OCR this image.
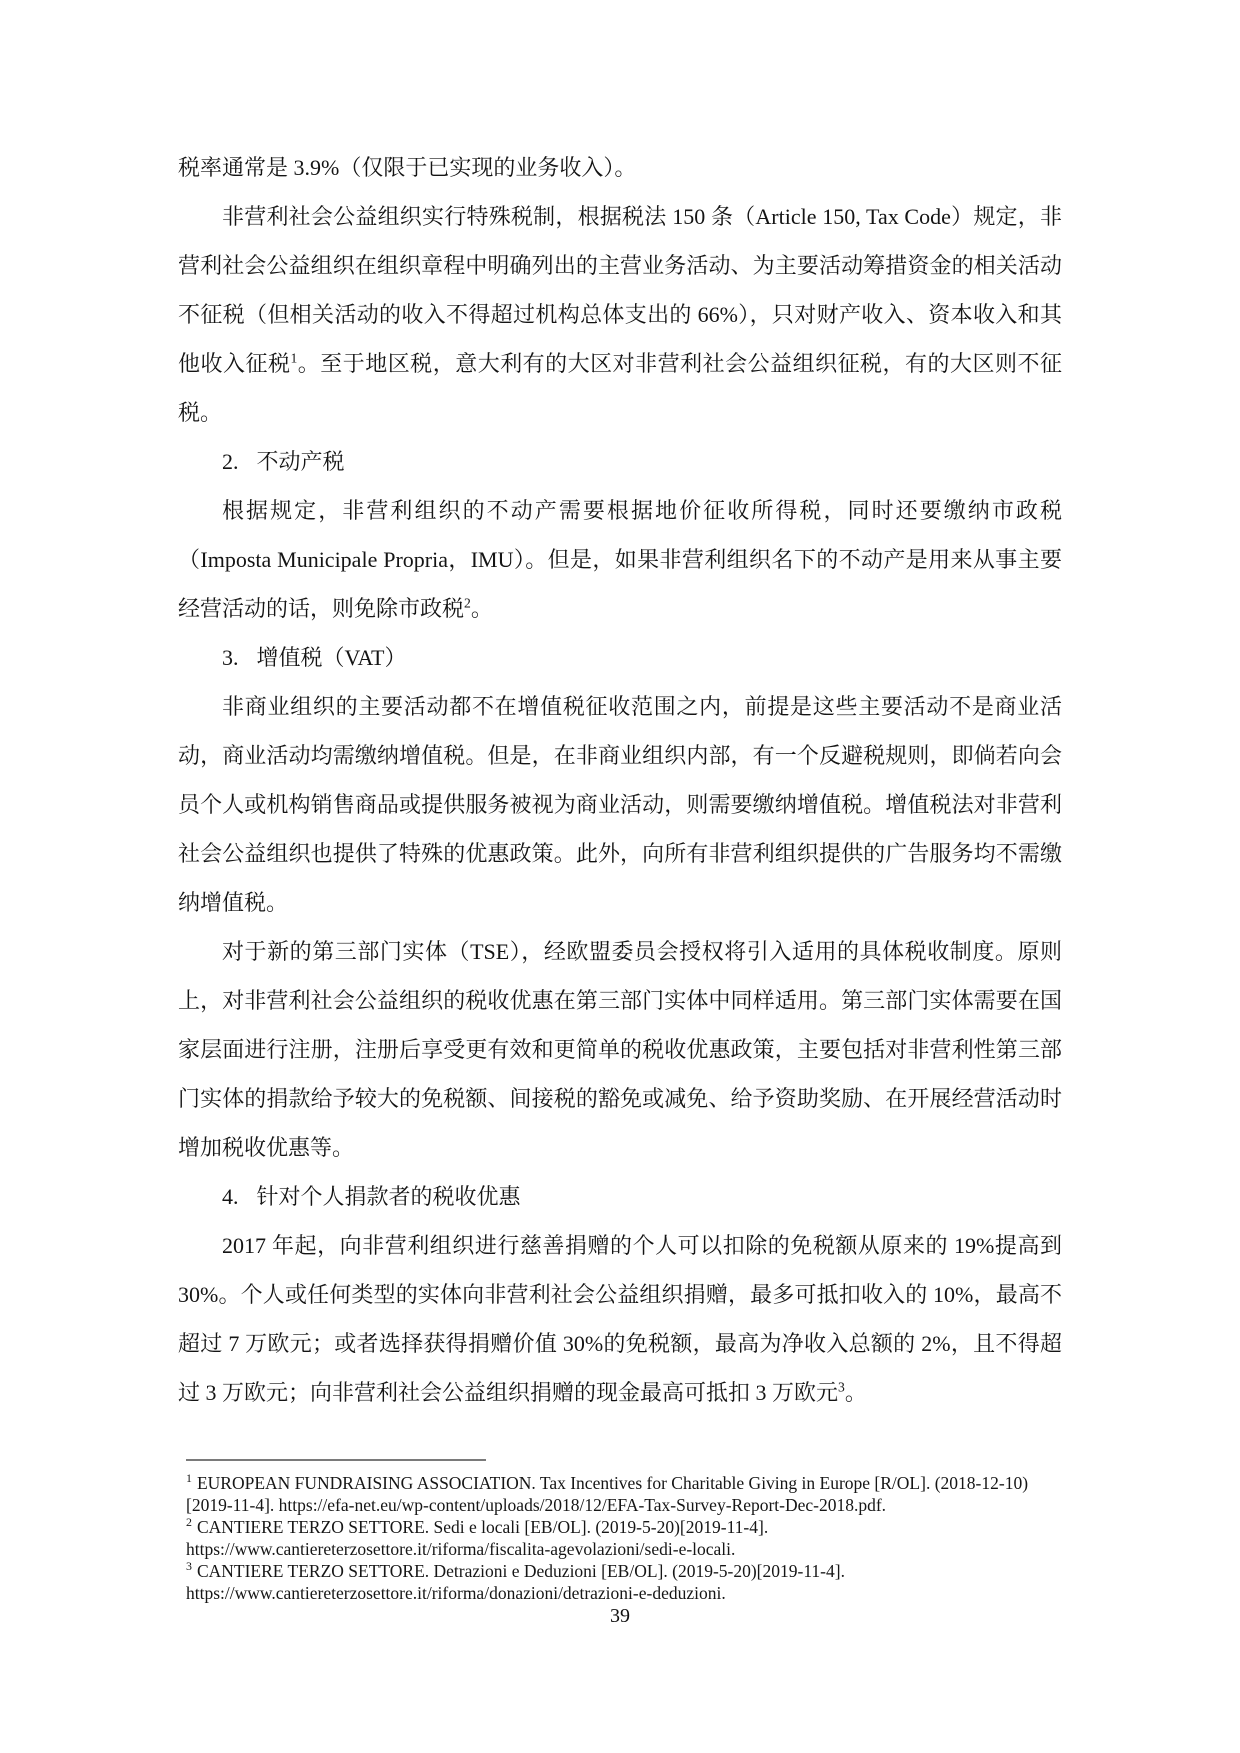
税率通常是 3.9%（仅限于已实现的业务收入）。

非营利社会公益组织实行特殊税制，根据税法 150 条（Article 150, Tax Code）规定，非营利社会公益组织在组织章程中明确列出的主营业务活动、为主要活动筹措资金的相关活动不征税（但相关活动的收入不得超过机构总体支出的 66%），只对财产收入、资本收入和其他收入征税$^1$。至于地区税，意大利有的大区对非营利社会公益组织征税，有的大区则不征税。

2. 不动产税

根据规定，非营利组织的不动产需要根据地价征收所得税，同时还要缴纳市政税（Imposta Municipale Propria，IMU）。但是，如果非营利组织名下的不动产是用来从事主要经营活动的话，则免除市政税$^2$。

3. 增值税（VAT）

非商业组织的主要活动都不在增值税征收范围之内，前提是这些主要活动不是商业活动，商业活动均需缴纳增值税。但是，在非商业组织内部，有一个反避税规则，即倘若向会员个人或机构销售商品或提供服务被视为商业活动，则需要缴纳增值税。增值税法对非营利社会公益组织也提供了特殊的优惠政策。此外，向所有非营利组织提供的广告服务均不需缴纳增值税。

对于新的第三部门实体（TSE），经欧盟委员会授权将引入适用的具体税收制度。原则上，对非营利社会公益组织的税收优惠在第三部门实体中同样适用。第三部门实体需要在国家层面进行注册，注册后享受更有效和更简单的税收优惠政策，主要包括对非营利性第三部门实体的捐款给予较大的免税额、间接税的豁免或减免、给予资助奖励、在开展经营活动时增加税收优惠等。

4. 针对个人捐款者的税收优惠

2017 年起，向非营利组织进行慈善捐赠的个人可以扣除的免税额从原来的 19%提高到30%。个人或任何类型的实体向非营利社会公益组织捐赠，最多可抵扣收入的 10%，最高不超过 7 万欧元；或者选择获得捐赠价值 30%的免税额，最高为净收入总额的 2%，且不得超过 3 万欧元；向非营利社会公益组织捐赠的现金最高可抵扣 3 万欧元$^3$。

$^1$ EUROPEAN FUNDRAISING ASSOCIATION. Tax Incentives for Charitable Giving in Europe [R/OL]. (2018-12-10)[2019-11-4]. https://efa-net.eu/wp-content/uploads/2018/12/EFA-Tax-Survey-Report-Dec-2018.pdf.
$^2$ CANTIERE TERZO SETTORE. Sedi e locali [EB/OL]. (2019-5-20)[2019-11-4]. https://www.cantiereterzosettore.it/riforma/fiscalita-agevolazioni/sedi-e-locali.
$^3$ CANTIERE TERZO SETTORE. Detrazioni e Deduzioni [EB/OL]. (2019-5-20)[2019-11-4]. https://www.cantiereterzosettore.it/riforma/donazioni/detrazioni-e-deduzioni.
39
